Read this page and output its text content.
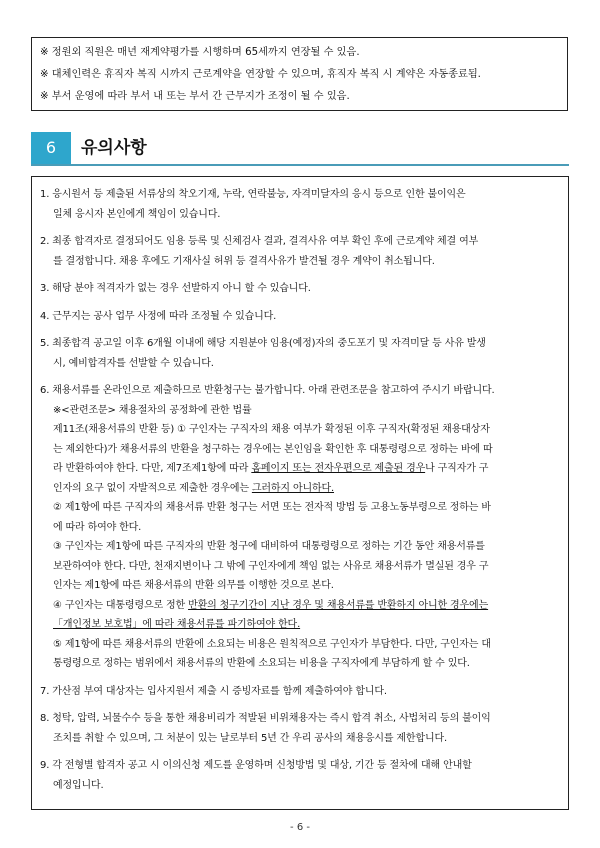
※ 정원외 직원은 매년 재계약평가를 시행하며 65세까지 연장될 수 있음.
※ 대체인력은 휴직자 복직 시까지 근로계약을 연장할 수 있으며, 휴직자 복직 시 계약은 자동종료됨.
※ 부서 운영에 따라 부서 내 또는 부서 간 근무지가 조정이 될 수 있음.
6	유의사항
1. 응시원서 등 제출된 서류상의 착오기재, 누락, 연락불능, 자격미달자의 응시 등으로 인한 불이익은
일체 응시자 본인에게 책임이 있습니다.
2. 최종 합격자로 결정되어도 임용 등록 및 신체검사 결과, 결격사유 여부 확인 후에 근로계약 체결 여부
를 결정합니다. 채용 후에도 기재사실 허위 등 결격사유가 발견될 경우 계약이 취소됩니다.
3. 해당 분야 적격자가 없는 경우 선발하지 아니 할 수 있습니다.
4. 근무지는 공사 업무 사정에 따라 조정될 수 있습니다.
5. 최종합격 공고일 이후 6개월 이내에 해당 지원분야 임용(예정)자의 중도포기 및 자격미달 등 사유 발생
시, 예비합격자를 선발할 수 있습니다.
6. 채용서류를 온라인으로 제출하므로 반환청구는 불가합니다. 아래 관련조문을 참고하여 주시기 바랍니다.
※<관련조문> 채용절차의 공정화에 관한 법률
제11조(채용서류의 반환 등) ① 구인자는 구직자의 채용 여부가 확정된 이후 구직자(확정된 채용대상자
는 제외한다)가 채용서류의 반환을 청구하는 경우에는 본인임을 확인한 후 대통령령으로 정하는 바에 따
라 반환하여야 한다. 다만, 제7조제1항에 따라 홈페이지 또는 전자우편으로 제출된 경우나 구직자가 구
인자의 요구 없이 자발적으로 제출한 경우에는 그러하지 아니하다.
② 제1항에 따른 구직자의 채용서류 반환 청구는 서면 또는 전자적 방법 등 고용노동부령으로 정하는 바
에 따라 하여야 한다.
③ 구인자는 제1항에 따른 구직자의 반환 청구에 대비하여 대통령령으로 정하는 기간 동안 채용서류를
보관하여야 한다. 다만, 천재지변이나 그 밖에 구인자에게 책임 없는 사유로 채용서류가 멸실된 경우 구
인자는 제1항에 따른 채용서류의 반환 의무를 이행한 것으로 본다.
④ 구인자는 대통령령으로 정한 반환의 청구기간이 지난 경우 및 채용서류를 반환하지 아니한 경우에는
「개인정보 보호법」에 따라 채용서류를 파기하여야 한다.
⑤ 제1항에 따른 채용서류의 반환에 소요되는 비용은 원칙적으로 구인자가 부담한다. 다만, 구인자는 대
통령령으로 정하는 범위에서 채용서류의 반환에 소요되는 비용을 구직자에게 부담하게 할 수 있다.
7. 가산점 부여 대상자는 입사지원서 제출 시 증빙자료를 함께 제출하여야 합니다.
8. 청탁, 압력, 뇌물수수 등을 통한 채용비리가 적발된 비위채용자는 즉시 합격 취소, 사법처리 등의 불이익
조치를 취할 수 있으며, 그 처분이 있는 날로부터 5년 간 우리 공사의 채용응시를 제한합니다.
9. 각 전형별 합격자 공고 시 이의신청 제도를 운영하며 신청방법 및 대상, 기간 등 절차에 대해 안내할
예정입니다.
- 6 -
